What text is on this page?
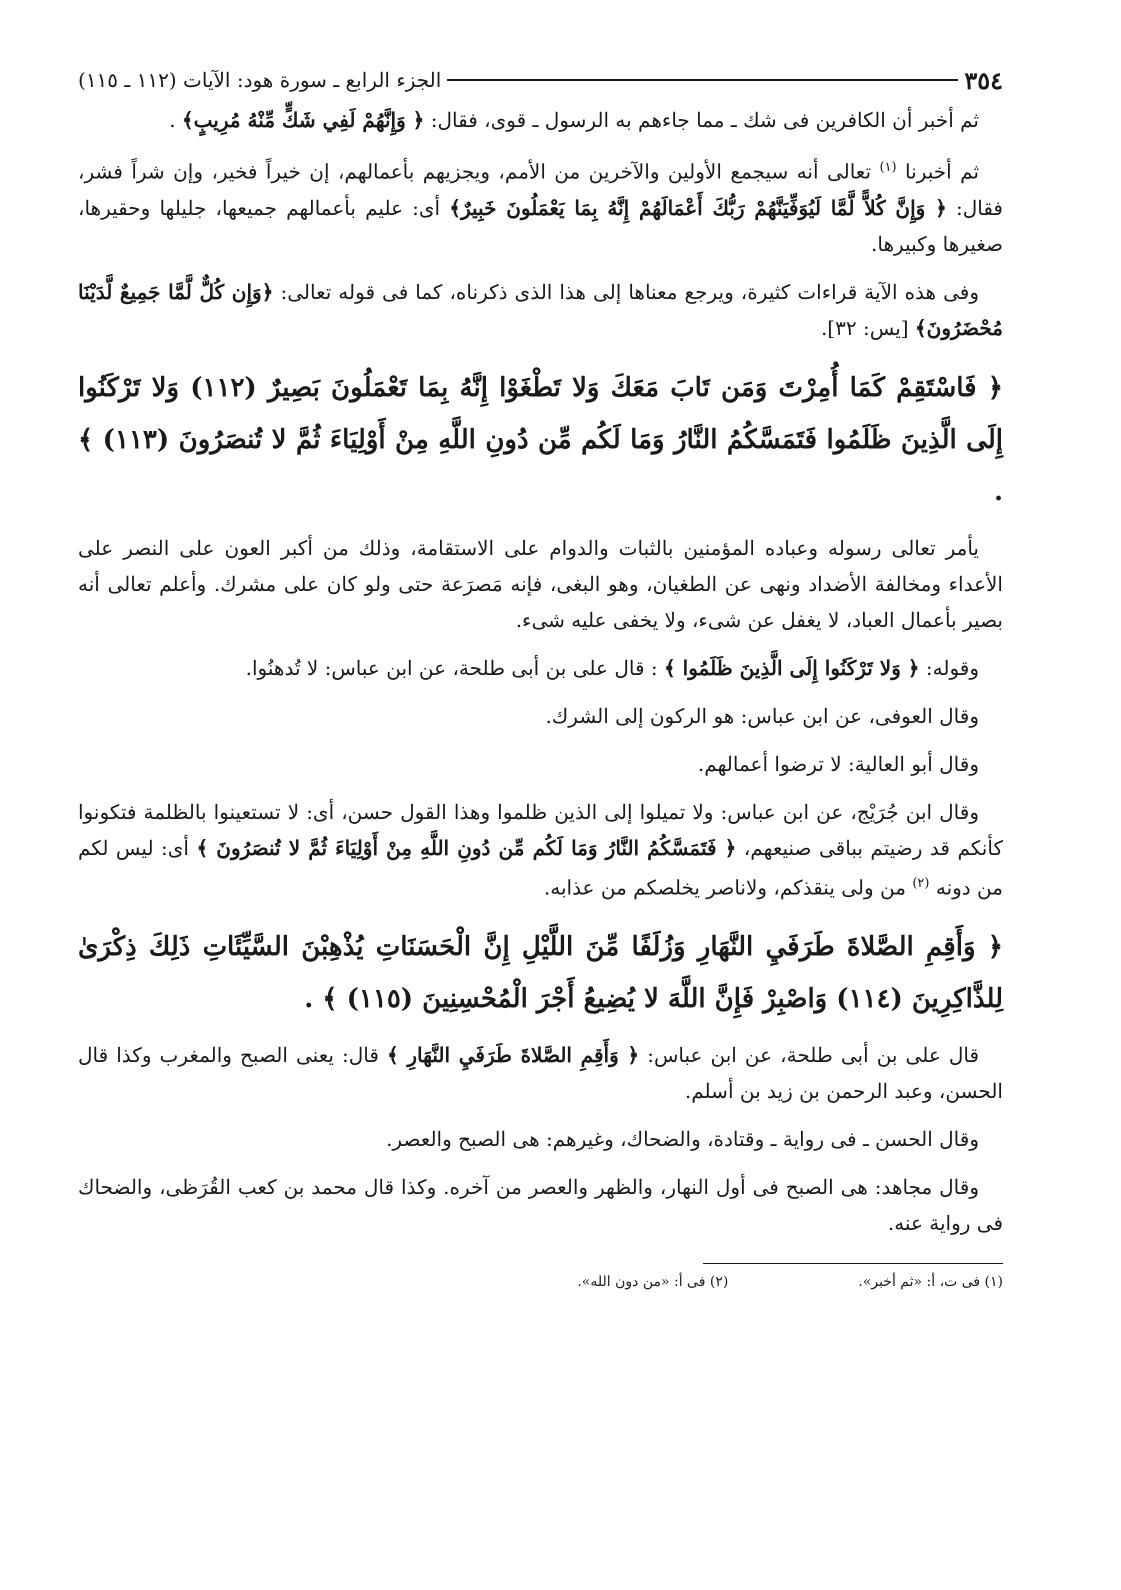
٣٥٤
الجزء الرابع ـ سورة هود: الآيات (١١٢ ـ ١١٥)

ثم أخبر أن الكافرين فى شك ـ مما جاءهم به الرسول ـ قوى، فقال: ﴿ وَإِنَّهُمْ لَفِي شَكٍّ مِّنْهُ مُرِيبٍ﴾ .

ثم أخبرنا $^{(١)}$ تعالى أنه سيجمع الأولين والآخرين من الأمم، ويجزيهم بأعمالهم، إن خيراً فخير، وإن شراً فشر، فقال: ﴿ وَإِنَّ كُلاًّ لَّمَّا لَيُوَفِّيَنَّهُمْ رَبُّكَ أَعْمَالَهُمْ إِنَّهُ بِمَا يَعْمَلُونَ خَبِيرٌ﴾ أى: عليم بأعمالهم جميعها، جليلها وحقيرها، صغيرها وكبيرها.

وفى هذه الآية قراءات كثيرة، ويرجع معناها إلى هذا الذى ذكرناه، كما فى قوله تعالى: ﴿وَإِن كُلٌّ لَّمَّا جَمِيعٌ لَّدَيْنَا مُحْضَرُونَ﴾ [يس: ٣٢].

﴿ فَاسْتَقِمْ كَمَا أُمِرْتَ وَمَن تَابَ مَعَكَ وَلا تَطْغَوْا إِنَّهُ بِمَا تَعْمَلُونَ بَصِيرٌ (١١٢) وَلا تَرْكَنُوا إِلَى الَّذِينَ ظَلَمُوا فَتَمَسَّكُمُ النَّارُ وَمَا لَكُم مِّن دُونِ اللَّهِ مِنْ أَوْلِيَاءَ ثُمَّ لا تُنصَرُونَ (١١٣) ﴾ .

يأمر تعالى رسوله وعباده المؤمنين بالثبات والدوام على الاستقامة، وذلك من أكبر العون على النصر على الأعداء ومخالفة الأضداد ونهى عن الطغيان، وهو البغى، فإنه مَصرَعة حتى ولو كان على مشرك. وأعلم تعالى أنه بصير بأعمال العباد، لا يغفل عن شىء، ولا يخفى عليه شىء.

وقوله: ﴿ وَلا تَرْكَنُوا إِلَى الَّذِينَ ظَلَمُوا ﴾ : قال على بن أبى طلحة، عن ابن عباس: لا تُدهنُوا.

وقال العوفى، عن ابن عباس: هو الركون إلى الشرك.

وقال أبو العالية: لا ترضوا أعمالهم.

وقال ابن جُرَيْج، عن ابن عباس: ولا تميلوا إلى الذين ظلموا وهذا القول حسن، أى: لا تستعينوا بالظلمة فتكونوا كأنكم قد رضيتم بباقى صنيعهم، ﴿ فَتَمَسَّكُمُ النَّارُ وَمَا لَكُم مِّن دُونِ اللَّهِ مِنْ أَوْلِيَاءَ ثُمَّ لا تُنصَرُونَ ﴾ أى: ليس لكم من دونه $^{(٢)}$ من ولى ينقذكم، ولاناصر يخلصكم من عذابه.

﴿ وَأَقِمِ الصَّلاةَ طَرَفَيِ النَّهَارِ وَزُلَفًا مِّنَ اللَّيْلِ إِنَّ الْحَسَنَاتِ يُذْهِبْنَ السَّيِّئَاتِ ذَلِكَ ذِكْرَىٰ لِلذَّاكِرِينَ (١١٤) وَاصْبِرْ فَإِنَّ اللَّهَ لا يُضِيعُ أَجْرَ الْمُحْسِنِينَ (١١٥) ﴾ .

قال على بن أبى طلحة، عن ابن عباس: ﴿ وَأَقِمِ الصَّلاةَ طَرَفَيِ النَّهَارِ ﴾ قال: يعنى الصبح والمغرب وكذا قال الحسن، وعبد الرحمن بن زيد بن أسلم.

وقال الحسن ـ فى رواية ـ وقتادة، والضحاك، وغيرهم: هى الصبح والعصر.

وقال مجاهد: هى الصبح فى أول النهار، والظهر والعصر من آخره. وكذا قال محمد بن كعب القُرَظى، والضحاك فى رواية عنه.

(١) فى ت، أ: «ثم أخبر».
(٢) فى أ: «من دون الله».
